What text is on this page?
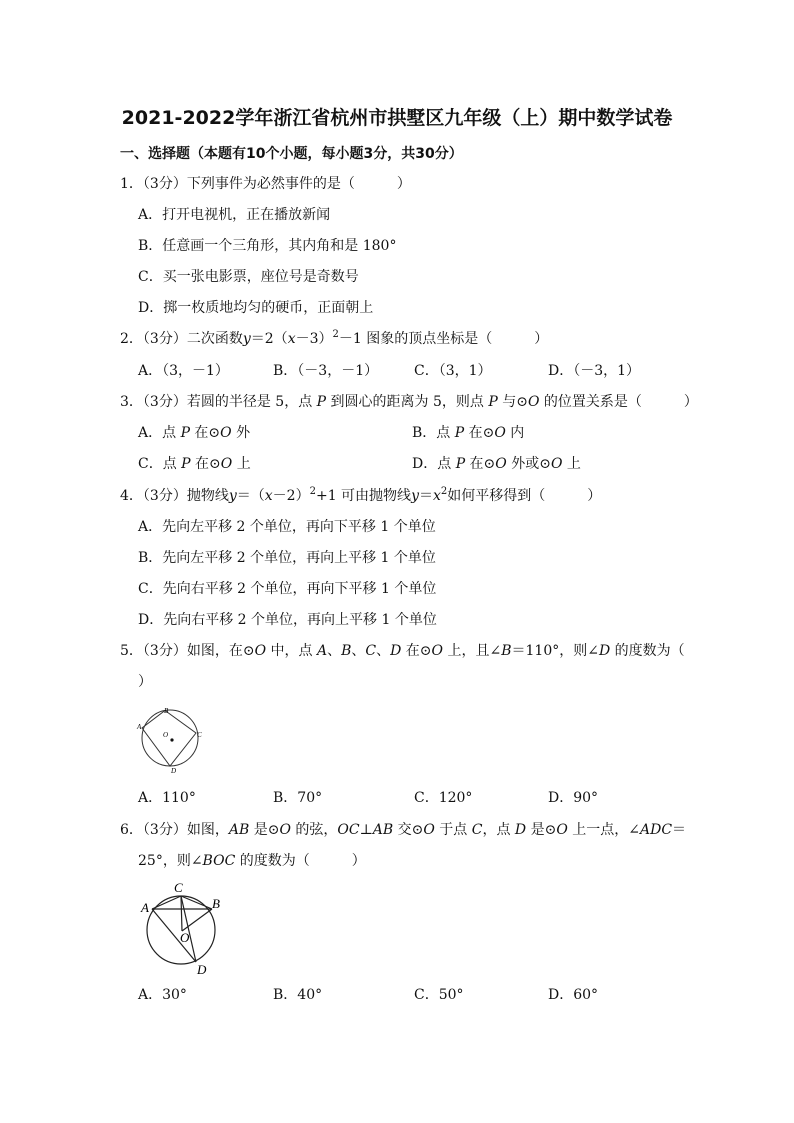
2021-2022学年浙江省杭州市拱墅区九年级（上）期中数学试卷
一、选择题（本题有10个小题，每小题3分，共30分）
1．（3分）下列事件为必然事件的是（	）
A．打开电视机，正在播放新闻
B．任意画一个三角形，其内角和是 180°
C．买一张电影票，座位号是奇数号
D．掷一枚质地均匀的硬币，正面朝上
2．（3分）二次函数$y=2(x-3)^2-1$ 图象的顶点坐标是（	）
A．（3，－1）	B．（－3，－1）	C．（3，1）	D．（－3，1）
3．（3分）若圆的半径是 5，点 P 到圆心的距离为 5，则点 P 与⊙O 的位置关系是（	）
A．点 P 在⊙O 外	B．点 P 在⊙O 内
C．点 P 在⊙O 上	D．点 P 在⊙O 外或⊙O 上
4．（3分）抛物线$y=(x-2)^2+1$ 可由抛物线$y=x^2$如何平移得到（	）
A．先向左平移 2 个单位，再向下平移 1 个单位
B．先向左平移 2 个单位，再向上平移 1 个单位
C．先向右平移 2 个单位，再向下平移 1 个单位
D．先向右平移 2 个单位，再向上平移 1 个单位
5．（3分）如图，在⊙O 中，点 A、B、C、D 在⊙O 上，且∠B＝110°，则∠D 的度数为（
）
B
A
C
D
O
A．110°	B．70°	C．120°	D．90°
6．（3分）如图，AB 是⊙O 的弦，OC⊥AB 交⊙O 于点 C，点 D 是⊙O 上一点，∠ADC＝
25°，则∠BOC 的度数为（	）
C
A	B
O
D
A．30°	B．40°	C．50°	D．60°
